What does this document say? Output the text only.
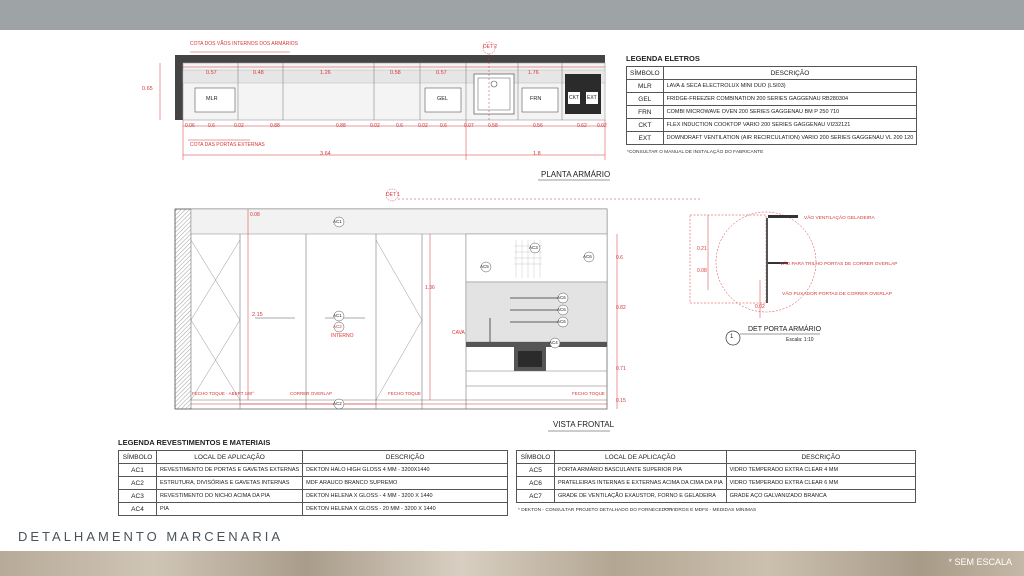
COTA DOS VÃOS INTERNOS DOS ARMÁRIOS
COTA DAS PORTAS EXTERNAS
DET 2
0.65
0.57	0.48	1.26	0.58	0.57	1.76
0.06	0.6	0.02	0.88	0.88	0.02	0.6	0.02 0.6	0.07	0.58	0.56	0.62 0.02
3.64	1.8
MLR	GEL	FRN	CKT EXT
PLANTA ARMÁRIO
DET 1
2.15
INTERNO	CAVA
AC1
AC5
AC3
AC6
AC6
AC6
AC6
AC1
AC2
AC4
AC2
FECHO TOQUE - ABERT 180°	CORRER OVERLAP	FECHO TOQUE	FECHO TOQUE
0.6
1.36
0.82
0.71
0.08
0.15
VISTA FRONTAL
VÃO VENTILAÇÃO GELADEIRA
VÃO PARA TRILHO PORTAS DE CORRER OVERLAP
VÃO PUXADOR PORTAS DE CORRER OVERLAP
0.21
0.08
0.02
1
DET PORTA ARMÁRIO
Escala: 1:10
LEGENDA ELETROS
SÍMBOLO	DESCRIÇÃO
MLR	LAVA & SECA ELECTROLUX MINI DUO (LSI03)
GEL	FRIDGE-FREEZER COMBINATION 200 SERIES GAGGENAU RB280304
FRN	COMBI MICROWAVE OVEN 200 SERIES GAGGENAU BM P 250 710
CKT	FLEX INDUCTION COOKTOP VARIO 200 SERIES GAGGENAU VI232121
EXT	DOWNDRAFT VENTILATION (AIR RECIRCULATION) VARIO 200 SERIES GAGGENAU VL 200 120
*CONSULTAR O MANUAL DE INSTALAÇÃO DO FABRICANTE
LEGENDA REVESTIMENTOS E MATERIAIS
SÍMBOLO	LOCAL DE APLICAÇÃO	DESCRIÇÃO
AC1	REVESTIMENTO DE PORTAS E GAVETAS EXTERNAS	DEKTON HALO HIGH GLOSS 4 MM - 3200X1440
AC2	ESTRUTURA, DIVISÓRIAS E GAVETAS INTERNAS	MDF ARAUCO BRANCO SUPREMO
AC3	REVESTIMENTO DO NICHO ACIMA DA PIA	DEKTON HELENA X GLOSS - 4 MM - 3200 X 1440
AC4	PIA	DEKTON HELENA X GLOSS - 20 MM - 3200 X 1440
SÍMBOLO	LOCAL DE APLICAÇÃO	DESCRIÇÃO
AC5	PORTA ARMÁRIO BASCULANTE SUPERIOR PIA	VIDRO TEMPERADO EXTRA CLEAR 4 MM
AC6	PRATELEIRAS INTERNAS E EXTERNAS ACIMA DA CIMA DA PIA	VIDRO TEMPERADO EXTRA CLEAR 6 MM
AC7	GRADE DE VENTILAÇÃO EXAUSTOR, FORNO E GELADEIRA	GRADE AÇO GALVANIZADO BRANCA
* DEKTON - CONSULTAR PROJETO DETALHADO DO FORNECEDOR
* * VIDROS E MDFS - MEDIDAS MÍNIMAS
DETALHAMENTO MARCENARIA
* SEM ESCALA
